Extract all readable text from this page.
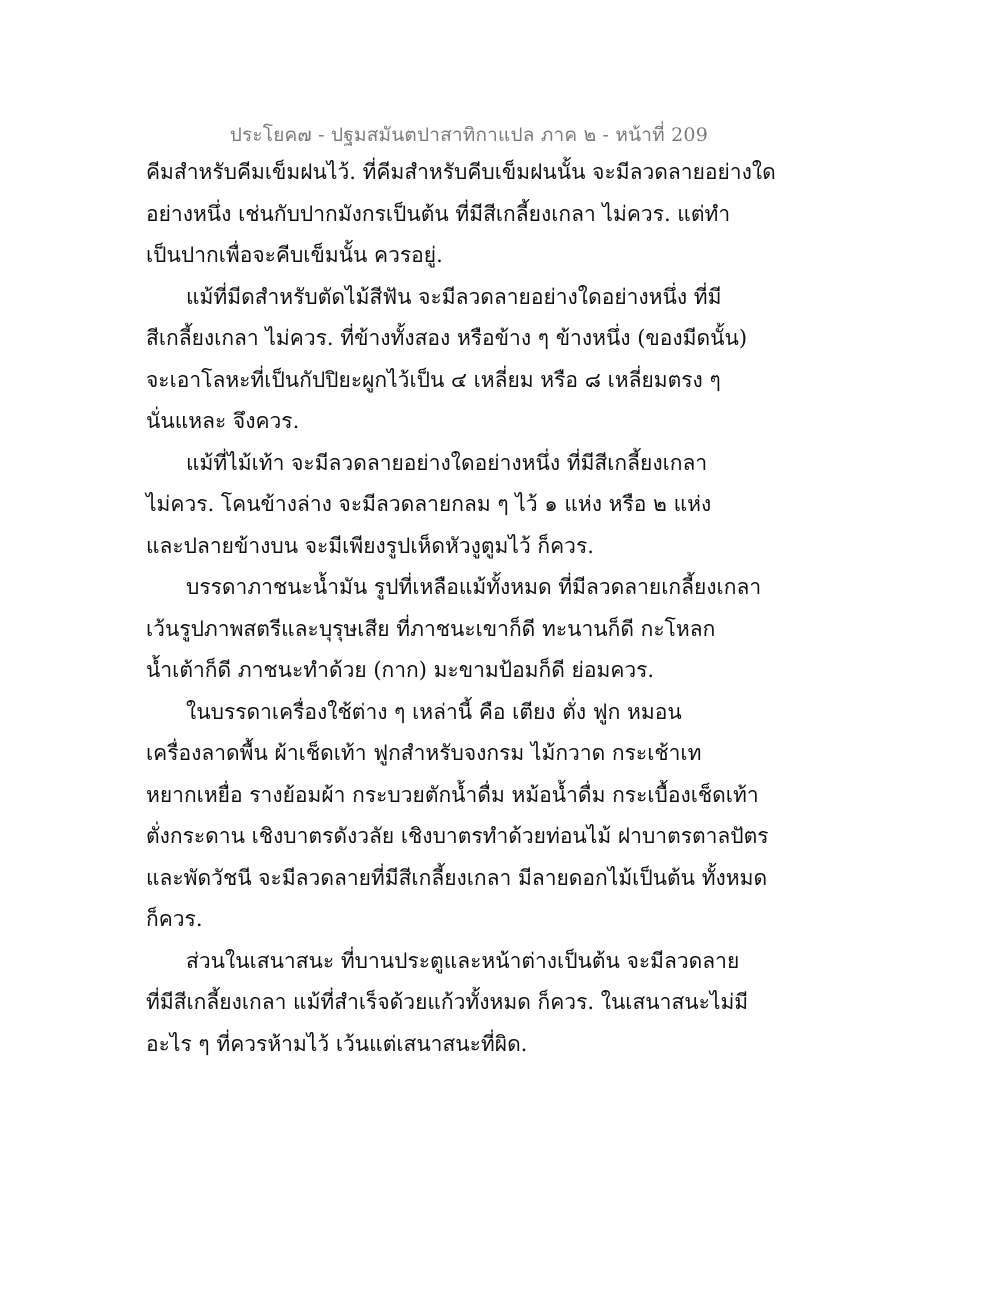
ประโยค๗ - ปฐมสมันตปาสาทิกาแปล ภาค ๒ - หน้าที่ 209
คีมสำหรับคีมเข็มฝนไว้. ที่คีมสำหรับคีบเข็มฝนนั้น จะมีลวดลายอย่างใด
อย่างหนึ่ง เช่นกับปากมังกรเป็นต้น ที่มีสีเกลี้ยงเกลา ไม่ควร. แต่ทำ
เป็นปากเพื่อจะคีบเข็มนั้น ควรอยู่.
แม้ที่มีดสำหรับตัดไม้สีฟัน จะมีลวดลายอย่างใดอย่างหนึ่ง ที่มี
สีเกลี้ยงเกลา ไม่ควร. ที่ข้างทั้งสอง หรือข้าง ๆ ข้างหนึ่ง (ของมีดนั้น)
จะเอาโลหะที่เป็นกัปปิยะผูกไว้เป็น ๔ เหลี่ยม หรือ ๘ เหลี่ยมตรง ๆ
นั่นแหละ จึงควร.
แม้ที่ไม้เท้า จะมีลวดลายอย่างใดอย่างหนึ่ง ที่มีสีเกลี้ยงเกลา
ไม่ควร. โคนข้างล่าง จะมีลวดลายกลม ๆ ไว้ ๑ แห่ง หรือ ๒ แห่ง
และปลายข้างบน จะมีเพียงรูปเห็ดหัวงูตูมไว้ ก็ควร.
บรรดาภาชนะน้ำมัน รูปที่เหลือแม้ทั้งหมด ที่มีลวดลายเกลี้ยงเกลา
เว้นรูปภาพสตรีและบุรุษเสีย ที่ภาชนะเขาก็ดี ทะนานก็ดี กะโหลก
น้ำเต้าก็ดี ภาชนะทำด้วย (กาก) มะขามป้อมก็ดี ย่อมควร.
ในบรรดาเครื่องใช้ต่าง ๆ เหล่านี้ คือ เตียง ตั่ง ฟูก หมอน
เครื่องลาดพื้น ผ้าเช็ดเท้า ฟูกสำหรับจงกรม ไม้กวาด กระเช้าเท
หยากเหยื่อ รางย้อมผ้า กระบวยตักน้ำดื่ม หม้อน้ำดื่ม กระเบื้องเช็ดเท้า
ตั่งกระดาน เชิงบาตรดังวลัย เชิงบาตรทำด้วยท่อนไม้ ฝาบาตรตาลปัตร
และพัดวัชนี จะมีลวดลายที่มีสีเกลี้ยงเกลา มีลายดอกไม้เป็นต้น ทั้งหมด
ก็ควร.
ส่วนในเสนาสนะ ที่บานประตูและหน้าต่างเป็นต้น จะมีลวดลาย
ที่มีสีเกลี้ยงเกลา แม้ที่สำเร็จด้วยแก้วทั้งหมด ก็ควร. ในเสนาสนะไม่มี
อะไร ๆ ที่ควรห้ามไว้ เว้นแต่เสนาสนะที่ผิด.
